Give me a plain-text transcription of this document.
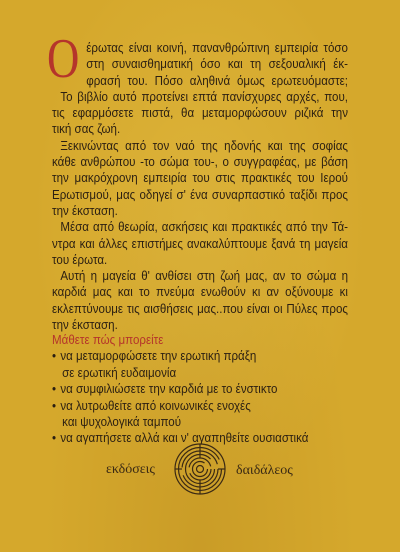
Ο έρωτας είναι κοινή, πανανθρώπινη εμπειρία τόσο
στη συναισθηματική όσο και τη σεξουαλική έκ-
φρασή του. Πόσο αληθινά όμως ερωτευόμαστε;
Το βιβλίο αυτό προτείνει επτά πανίσχυρες αρχές, που,
τις εφαρμόσετε πιστά, θα μεταμορφώσουν ριζικά την
τική σας ζωή.
Ξεκινώντας από τον ναό της ηδονής και της σοφίας
κάθε ανθρώπου -το σώμα του-, ο συγγραφέας, με βάση
την μακρόχρονη εμπειρία του στις πρακτικές του Ιερού
Ερωτισμού, μας οδηγεί σ' ένα συναρπαστικό ταξίδι προς
την έκσταση.
Μέσα από θεωρία, ασκήσεις και πρακτικές από την Τά-
ντρα και άλλες επιστήμες ανακαλύπτουμε ξανά τη μαγεία
του έρωτα.
Αυτή η μαγεία θ' ανθίσει στη ζωή μας, αν το σώμα η
καρδιά μας και το πνεύμα ενωθούν κι αν οξύνουμε κι
εκλεπτύνουμε τις αισθήσεις μας..που είναι οι Πύλες προς
την έκσταση.
Μάθετε πώς μπορείτε
• να μεταμορφώσετε την ερωτική πράξη
σε ερωτική ευδαιμονία
• να συμφιλιώσετε την καρδιά με το ένστικτο
• να λυτρωθείτε από κοινωνικές ενοχές
και ψυχολογικά ταμπού
• να αγαπήσετε αλλά και ν' αγαπηθείτε ουσιαστικά
εκδόσεις	δαιδάλεος
